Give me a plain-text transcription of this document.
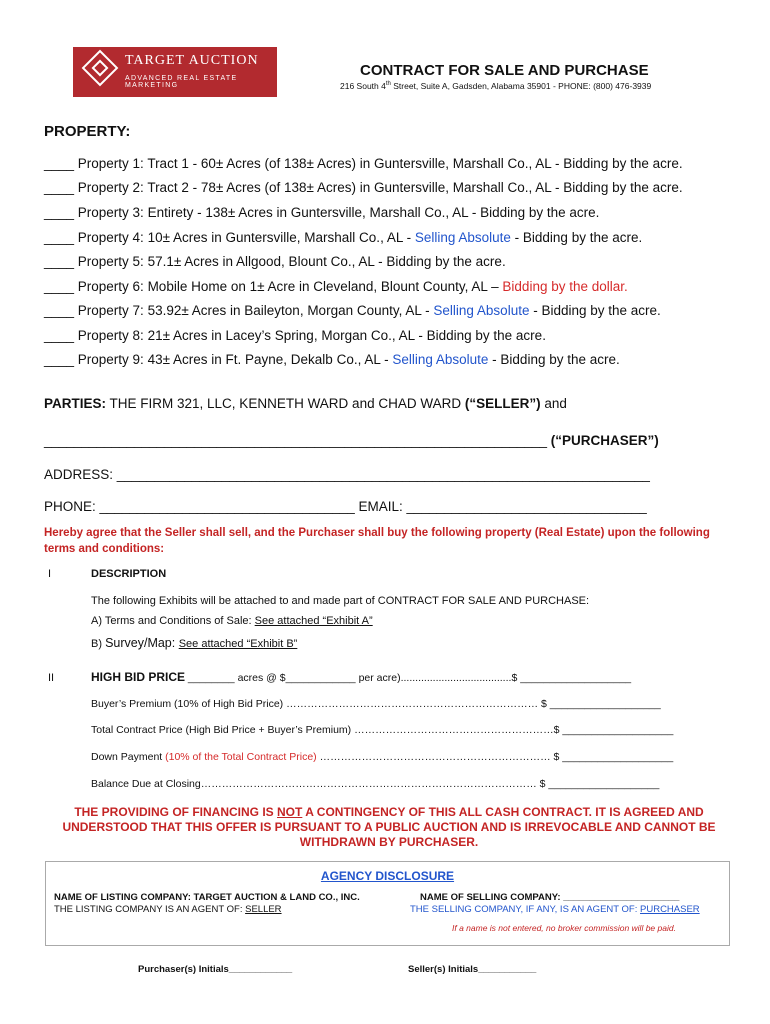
TARGET AUCTION
ADVANCED REAL ESTATE MARKETING
CONTRACT FOR SALE AND PURCHASE
216 South 4th Street, Suite A, Gadsden, Alabama 35901 - PHONE: (800) 476-3939
PROPERTY:
____ Property 1: Tract 1 - 60± Acres (of 138± Acres) in Guntersville, Marshall Co., AL - Bidding by the acre.
____ Property 2: Tract 2 - 78± Acres (of 138± Acres) in Guntersville, Marshall Co., AL - Bidding by the acre.
____ Property 3: Entirety - 138± Acres in Guntersville, Marshall Co., AL - Bidding by the acre.
____ Property 4: 10± Acres in Guntersville, Marshall Co., AL - Selling Absolute - Bidding by the acre.
____ Property 5: 57.1± Acres in Allgood, Blount Co., AL - Bidding by the acre.
____ Property 6: Mobile Home on 1± Acre in Cleveland, Blount County, AL – Bidding by the dollar.
____ Property 7: 53.92± Acres in Baileyton, Morgan County, AL - Selling Absolute - Bidding by the acre.
____ Property 8: 21± Acres in Lacey’s Spring, Morgan Co., AL - Bidding by the acre.
____ Property 9: 43± Acres in Ft. Payne, Dekalb Co., AL - Selling Absolute - Bidding by the acre.
PARTIES: THE FIRM 321, LLC, KENNETH WARD and CHAD WARD (“SELLER”) and
___________________________________________________________________ (“PURCHASER”)
ADDRESS: _______________________________________________________________________
PHONE: __________________________________ EMAIL: ________________________________
Hereby agree that the Seller shall sell, and the Purchaser shall buy the following property (Real Estate) upon the following terms and conditions:
I	DESCRIPTION
The following Exhibits will be attached to and made part of CONTRACT FOR SALE AND PURCHASE:
A) Terms and Conditions of Sale: See attached “Exhibit A”
B) Survey/Map: See attached “Exhibit B”
II	HIGH BID PRICE ________ acres @ $____________ per acre)......................................$ ___________________
Buyer’s Premium (10% of High Bid Price) ……………………………………………………………… $ ___________________
Total Contract Price (High Bid Price + Buyer’s Premium) …………………………………………………$ ___________________
Down Payment (10% of the Total Contract Price) ………………………………………………………… $ ___________________
Balance Due at Closing…………………………………………………………………………………… $ ___________________
THE PROVIDING OF FINANCING IS NOT A CONTINGENCY OF THIS ALL CASH CONTRACT. IT IS AGREED AND UNDERSTOOD THAT THIS OFFER IS PURSUANT TO A PUBLIC AUCTION AND IS IRREVOCABLE AND CANNOT BE WITHDRAWN BY PURCHASER.
AGENCY DISCLOSURE
NAME OF LISTING COMPANY: TARGET AUCTION & LAND CO., INC.
THE LISTING COMPANY IS AN AGENT OF: SELLER
NAME OF SELLING COMPANY: ______________________
THE SELLING COMPANY, IF ANY, IS AN AGENT OF: PURCHASER
If a name is not entered, no broker commission will be paid.
Purchaser(s) Initials____________	Seller(s) Initials___________
